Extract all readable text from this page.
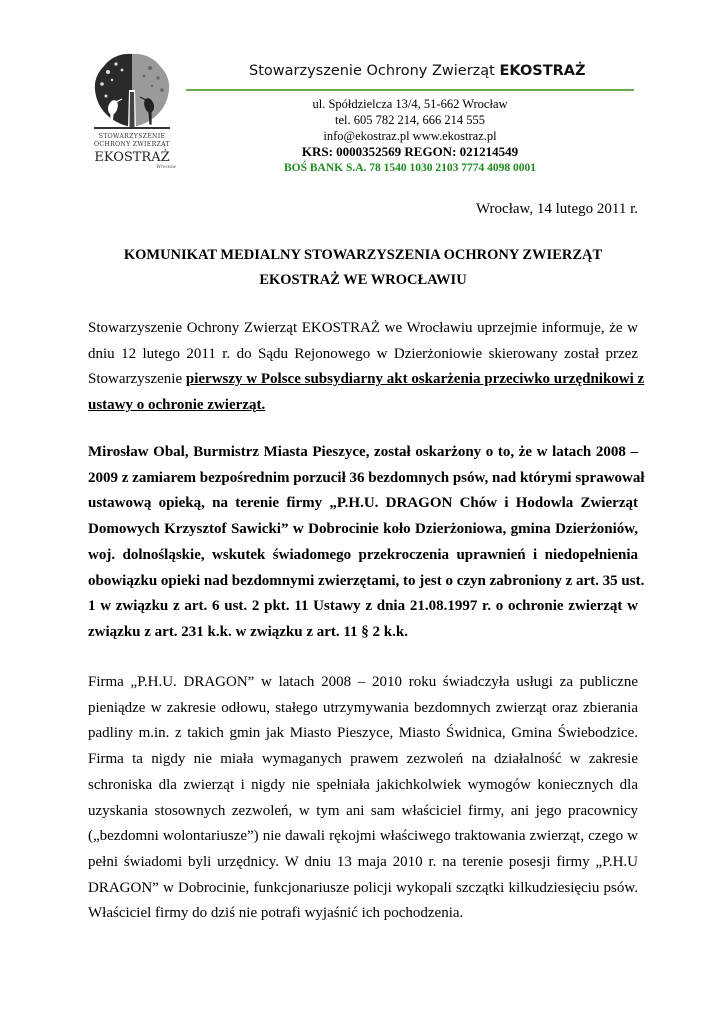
STOWARZYSZENIE
OCHRONY ZWIERZĄT
EKOSTRAŻ
Wrocław
Stowarzyszenie Ochrony Zwierząt EKOSTRAŻ
ul. Spółdzielcza 13/4, 51-662 Wrocław
tel. 605 782 214, 666 214 555
info@ekostraz.pl www.ekostraz.pl
KRS: 0000352569 REGON: 021214549
BOŚ BANK S.A. 78 1540 1030 2103 7774 4098 0001
Wrocław, 14 lutego 2011 r.
KOMUNIKAT MEDIALNY STOWARZYSZENIA OCHRONY ZWIERZĄT
EKOSTRAŻ WE WROCŁAWIU
Stowarzyszenie Ochrony Zwierząt EKOSTRAŻ we Wrocławiu uprzejmie informuje, że w
dniu 12 lutego 2011 r. do Sądu Rejonowego w Dzierżoniowie skierowany został przez
Stowarzyszenie pierwszy w Polsce subsydiarny akt oskarżenia przeciwko urzędnikowi z
ustawy o ochronie zwierząt.
Mirosław Obal, Burmistrz Miasta Pieszyce, został oskarżony o to, że w latach 2008 –
2009 z zamiarem bezpośrednim porzucił 36 bezdomnych psów, nad którymi sprawował
ustawową opieką, na terenie firmy „P.H.U. DRAGON Chów i Hodowla Zwierząt
Domowych Krzysztof Sawicki” w Dobrocinie koło Dzierżoniowa, gmina Dzierżoniów,
woj. dolnośląskie, wskutek świadomego przekroczenia uprawnień i niedopełnienia
obowiązku opieki nad bezdomnymi zwierzętami, to jest o czyn zabroniony z art. 35 ust.
1 w związku z art. 6 ust. 2 pkt. 11 Ustawy z dnia 21.08.1997 r. o ochronie zwierząt w
związku z art. 231 k.k. w związku z art. 11 § 2 k.k.
Firma „P.H.U. DRAGON” w latach 2008 – 2010 roku świadczyła usługi za publiczne
pieniądze w zakresie odłowu, stałego utrzymywania bezdomnych zwierząt oraz zbierania
padliny m.in. z takich gmin jak Miasto Pieszyce, Miasto Świdnica, Gmina Świebodzice.
Firma ta nigdy nie miała wymaganych prawem zezwoleń na działalność w zakresie
schroniska dla zwierząt i nigdy nie spełniała jakichkolwiek wymogów koniecznych dla
uzyskania stosownych zezwoleń, w tym ani sam właściciel firmy, ani jego pracownicy
(„bezdomni wolontariusze”) nie dawali rękojmi właściwego traktowania zwierząt, czego w
pełni świadomi byli urzędnicy. W dniu 13 maja 2010 r. na terenie posesji firmy „P.H.U
DRAGON” w Dobrocinie, funkcjonariusze policji wykopali szczątki kilkudziesięciu psów.
Właściciel firmy do dziś nie potrafi wyjaśnić ich pochodzenia.
